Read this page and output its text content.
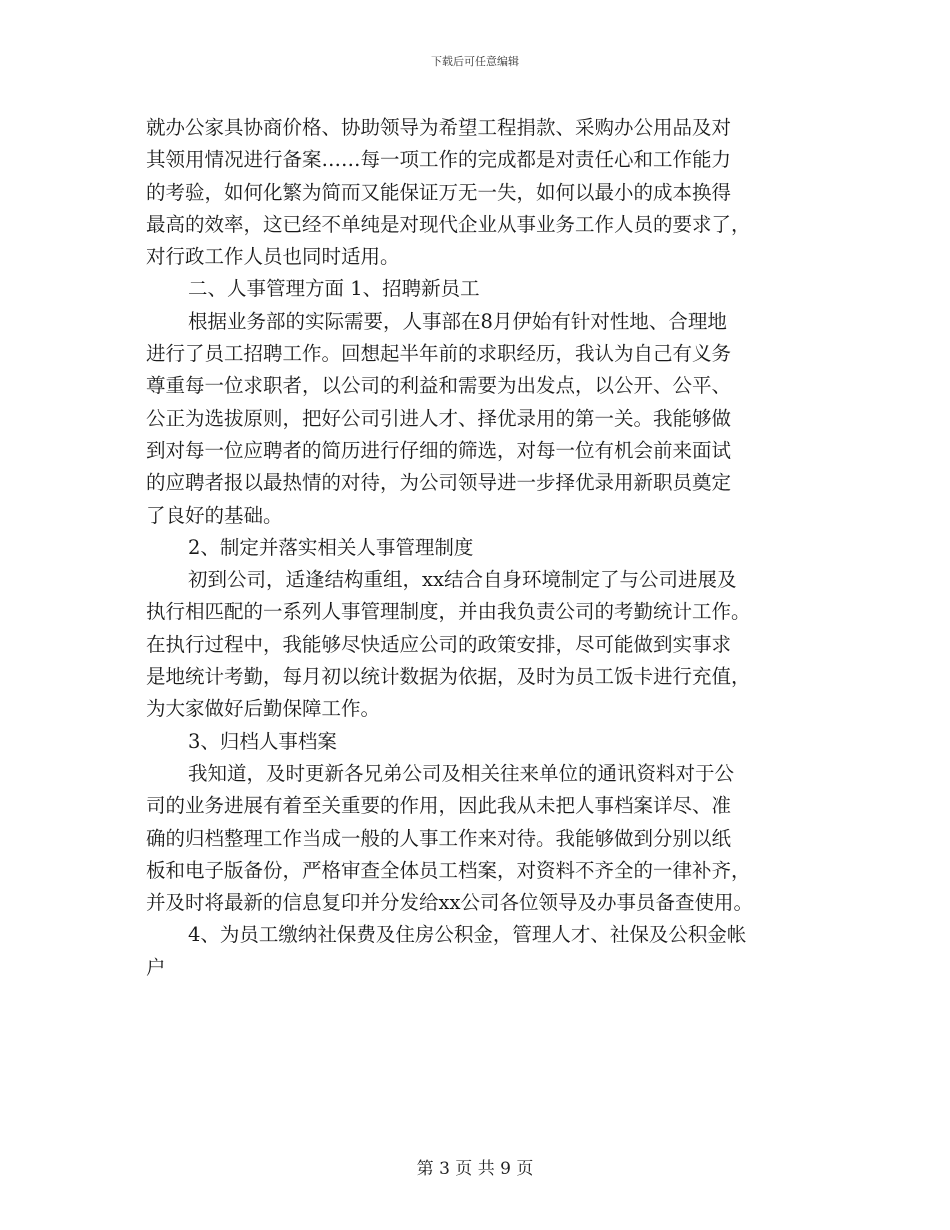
下载后可任意编辑
就办公家具协商价格、协助领导为希望工程捐款、采购办公用品及对
其领用情况进行备案……每一项工作的完成都是对责任心和工作能力
的考验，如何化繁为简而又能保证万无一失，如何以最小的成本换得
最高的效率，这已经不单纯是对现代企业从事业务工作人员的要求了，
对行政工作人员也同时适用。
二、人事管理方面 1、招聘新员工
根据业务部的实际需要，人事部在8月伊始有针对性地、合理地
进行了员工招聘工作。回想起半年前的求职经历，我认为自己有义务
尊重每一位求职者，以公司的利益和需要为出发点，以公开、公平、
公正为选拔原则，把好公司引进人才、择优录用的第一关。我能够做
到对每一位应聘者的简历进行仔细的筛选，对每一位有机会前来面试
的应聘者报以最热情的对待，为公司领导进一步择优录用新职员奠定
了良好的基础。
2、制定并落实相关人事管理制度
初到公司，适逢结构重组，xx结合自身环境制定了与公司进展及
执行相匹配的一系列人事管理制度，并由我负责公司的考勤统计工作。
在执行过程中，我能够尽快适应公司的政策安排，尽可能做到实事求
是地统计考勤，每月初以统计数据为依据，及时为员工饭卡进行充值，
为大家做好后勤保障工作。
3、归档人事档案
我知道，及时更新各兄弟公司及相关往来单位的通讯资料对于公
司的业务进展有着至关重要的作用，因此我从未把人事档案详尽、准
确的归档整理工作当成一般的人事工作来对待。我能够做到分别以纸
板和电子版备份，严格审查全体员工档案，对资料不齐全的一律补齐，
并及时将最新的信息复印并分发给xx公司各位领导及办事员备查使用。
4、为员工缴纳社保费及住房公积金，管理人才、社保及公积金帐
户
第 3 页 共 9 页
